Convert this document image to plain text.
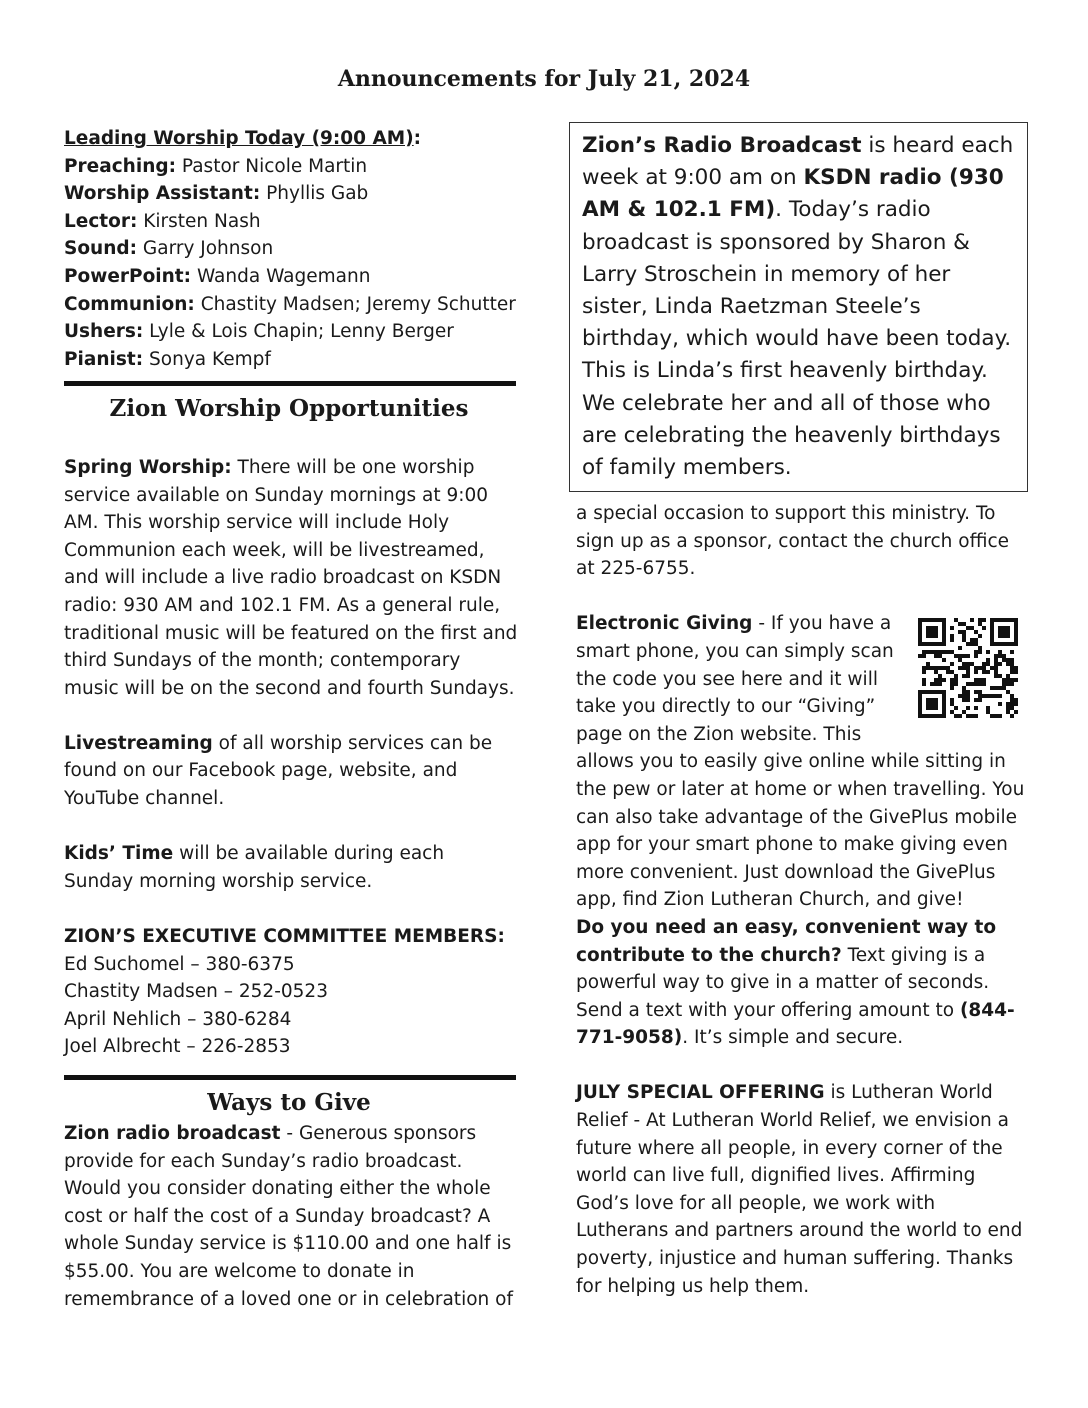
Announcements for July 21, 2024

Leading Worship Today (9:00 AM):

Preaching: Pastor Nicole Martin

Worship Assistant: Phyllis Gab

Lector: Kirsten Nash

Sound: Garry Johnson

PowerPoint: Wanda Wagemann

Communion: Chastity Madsen; Jeremy Schutter

Ushers: Lyle & Lois Chapin; Lenny Berger

Pianist: Sonya Kempf

Zion Worship Opportunities

Spring Worship: There will be one worship service available on Sunday mornings at 9:00 AM. This worship service will include Holy Communion each week, will be livestreamed, and will include a live radio broadcast on KSDN radio: 930 AM and 102.1 FM. As a general rule, traditional music will be featured on the first and third Sundays of the month; contemporary music will be on the second and fourth Sundays.

Livestreaming of all worship services can be found on our Facebook page, website, and YouTube channel.

Kids’ Time will be available during each Sunday morning worship service.

ZION’S EXECUTIVE COMMITTEE MEMBERS:

Ed Suchomel – 380-6375

Chastity Madsen – 252-0523

April Nehlich – 380-6284

Joel Albrecht – 226-2853

Ways to Give

Zion radio broadcast - Generous sponsors provide for each Sunday’s radio broadcast. Would you consider donating either the whole cost or half the cost of a Sunday broadcast? A whole Sunday service is $110.00 and one half is $55.00. You are welcome to donate in remembrance of a loved one or in celebration of

Zion’s Radio Broadcast is heard each week at 9:00 am on KSDN radio (930 AM & 102.1 FM). Today’s radio broadcast is sponsored by Sharon & Larry Stroschein in memory of her sister, Linda Raetzman Steele’s birthday, which would have been today. This is Linda’s first heavenly birthday. We celebrate her and all of those who are celebrating the heavenly birthdays of family members.

a special occasion to support this ministry. To sign up as a sponsor, contact the church office at 225-6755.

Electronic Giving - If you have a smart phone, you can simply scan the code you see here and it will take you directly to our “Giving” page on the Zion website. This allows you to easily give online while sitting in the pew or later at home or when travelling. You can also take advantage of the GivePlus mobile app for your smart phone to make giving even more convenient. Just download the GivePlus app, find Zion Lutheran Church, and give!

Do you need an easy, convenient way to contribute to the church? Text giving is a powerful way to give in a matter of seconds. Send a text with your offering amount to (844-771-9058). It’s simple and secure.

JULY SPECIAL OFFERING is Lutheran World Relief - At Lutheran World Relief, we envision a future where all people, in every corner of the world can live full, dignified lives. Affirming God’s love for all people, we work with Lutherans and partners around the world to end poverty, injustice and human suffering. Thanks for helping us help them.
